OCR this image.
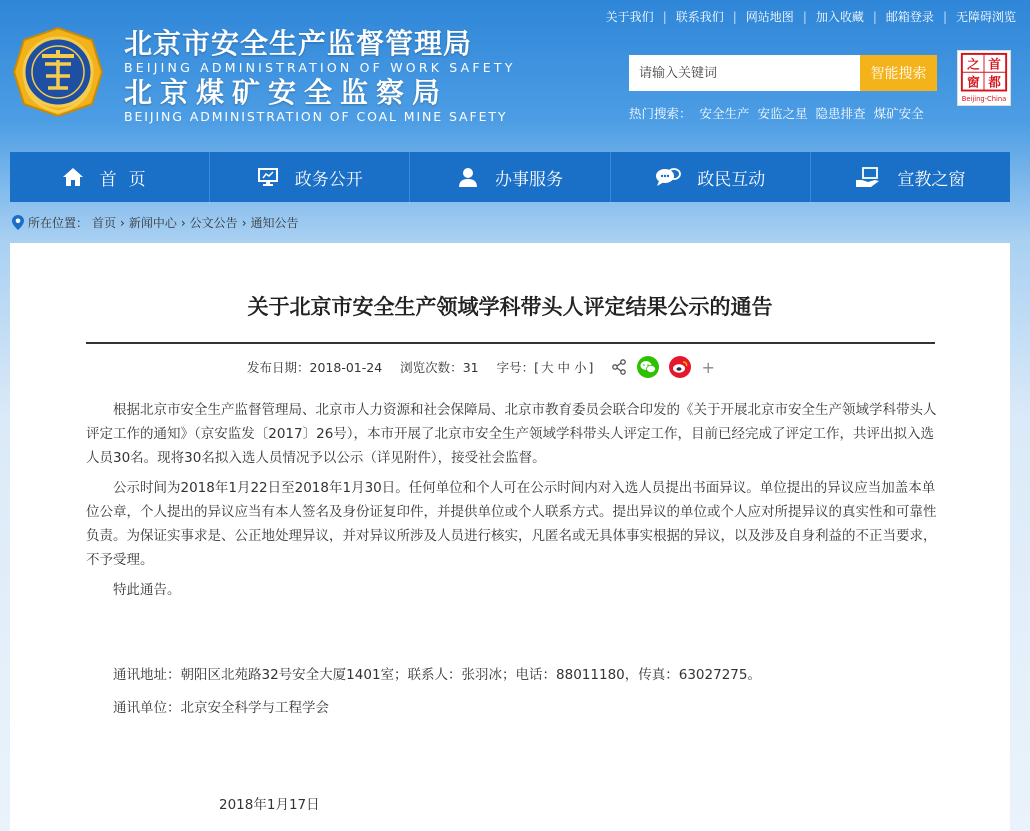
关于我们 | 联系我们 | 网站地图 | 加入收藏 | 邮箱登录 | 无障碍浏览
北京市安全生产监督管理局
BEIJING ADMINISTRATION OF WORK SAFETY
北京煤矿安全监察局
BEIJING ADMINISTRATION OF COAL MINE SAFETY
请输入关键词
智能搜索
热门搜索： 安全生产 安监之星 隐患排查 煤矿安全
首
都
之
窗
Beijing-China
首页	政务公开	办事服务	政民互动	宣教之窗
所在位置： 首页 › 新闻中心 › 公文公告 › 通知公告
关于北京市安全生产领域学科带头人评定结果公示的通告
发布日期： 2018-01-24 浏览次数： 31 字号： [ 大 中 小 ]	+

根据北京市安全生产监督管理局、北京市人力资源和社会保障局、北京市教育委员会联合印发的《关于开展北京市安全生产领域学科带头人评定工作的通知》（京安监发〔2017〕26号），本市开展了北京市安全生产领域学科带头人评定工作，目前已经完成了评定工作，共评出拟入选人员30名。现将30名拟入选人员情况予以公示（详见附件），接受社会监督。

公示时间为2018年1月22日至2018年1月30日。任何单位和个人可在公示时间内对入选人员提出书面异议。单位提出的异议应当加盖本单位公章，个人提出的异议应当有本人签名及身份证复印件，并提供单位或个人联系方式。提出异议的单位或个人应对所提异议的真实性和可靠性负责。为保证实事求是、公正地处理异议，并对异议所涉及人员进行核实，凡匿名或无具体事实根据的异议，以及涉及自身利益的不正当要求，不予受理。

特此通告。

通讯地址：朝阳区北苑路32号安全大厦1401室；联系人：张羽冰；电话：88011180，传真：63027275。
通讯单位：北京安全科学与工程学会
2018年1月17日
